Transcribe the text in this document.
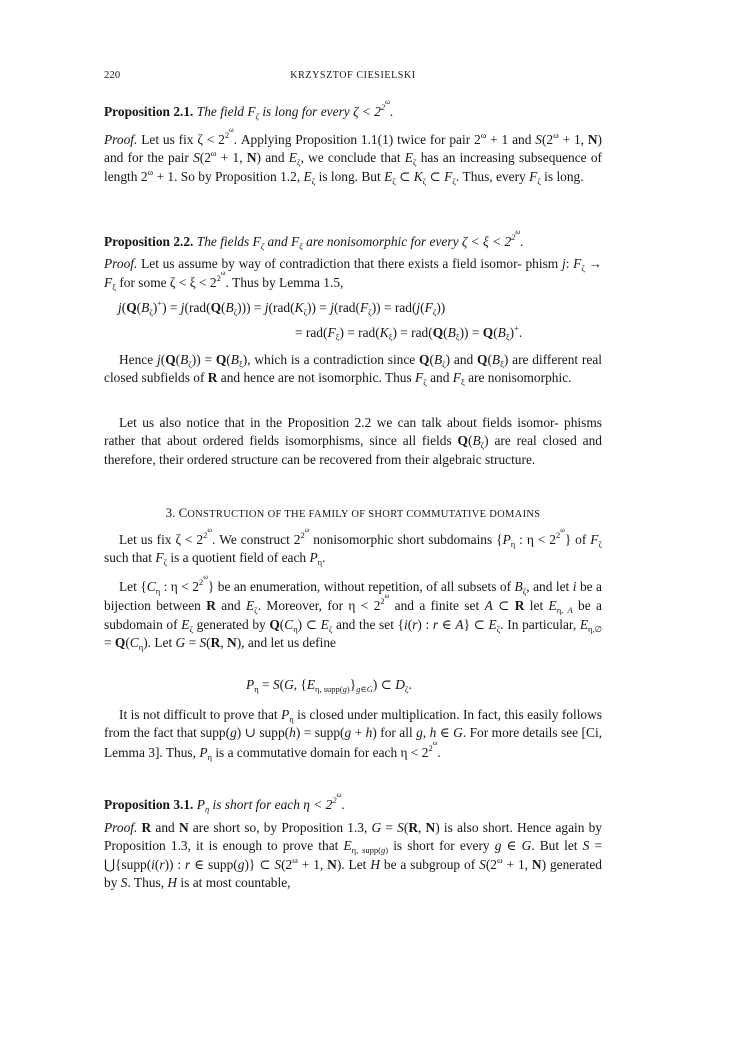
220	KRZYSZTOF CIESIELSKI

Proposition 2.1. The field $F_\zeta$ is long for every $\zeta < 2^{2^\omega}$.

Proof. Let us fix $\zeta < 2^{2^\omega}$. Applying Proposition 1.1(1) twice for pair $2^\omega + 1$ and $S(2^\omega + 1$, N) and for the pair $S(2^\omega + 1$, N) and $E_\zeta$, we conclude that $E_\zeta$ has an increasing subsequence of length $2^\omega + 1$. So by Proposition 1.2, $E_\zeta$ is long. But $E_\zeta$ ⊂ $K_\zeta$ ⊂ $F_\zeta$. Thus, every $F_\zeta$ is long.

Proposition 2.2. The fields $F_\zeta$ and $F_\xi$ are nonisomorphic for every $\zeta < \xi < 2^{2^\omega}$.

Proof. Let us assume by way of contradiction that there exists a field isomor- phism j: $F_\zeta \to F_\xi$ for some $\zeta < \xi < 2^{2^\omega}$. Thus by Lemma 1.5,

$j(Q(B_\zeta)^+) = j(rad(Q(B_\zeta))) = j(rad(K_\zeta)) = j(rad(F_\zeta)) = rad(j(F_\zeta))$
= $rad(F_\xi) = rad(K_\xi) = rad(Q(B_\xi)) = Q(B_\xi)^+$.

Hence $j(Q(B_\zeta)) = Q(B_\xi)$, which is a contradiction since $Q(B_\zeta)$ and $Q(B_\xi)$ are different real closed subfields of R and hence are not isomorphic. Thus $F_\zeta$ and $F_\xi$ are nonisomorphic.

Let us also notice that in the Proposition 2.2 we can talk about fields isomor- phisms rather that about ordered fields isomorphisms, since all fields $Q(B_\zeta)$ are real closed and therefore, their ordered structure can be recovered from their algebraic structure.

3. CONSTRUCTION OF THE FAMILY OF SHORT COMMUTATIVE DOMAINS

Let us fix $\zeta < 2^{2^\omega}$. We construct $2^{2^\omega}$ nonisomorphic short subdomains {$P_\eta$ : $\eta < 2^{2^\omega}$} of $F_\zeta$ such that $F_\zeta$ is a quotient field of each $P_\eta$.

Let {$C_\eta$ : $\eta < 2^{2^\omega}$} be an enumeration, without repetition, of all subsets of $B_\zeta$, and let i be a bijection between R and $E_\zeta$. Moreover, for $\eta < 2^{2^\omega}$ and a finite set A ⊂ R let $E_{\eta, A}$ be a subdomain of $E_\zeta$ generated by $Q(C_\eta)$ ⊂ $E_\zeta$ and the set {i(r) : r ∈ A} ⊂ $E_\zeta$. In particular, $E_{\eta,\emptyset} = Q(C_\eta)$. Let G = S(R, N), and let us define

$P_\eta = S(G$, $\{E_{\eta, supp(g)}\}_{g\in G}$) ⊂ $D_\zeta$.

It is not difficult to prove that $P_\eta$ is closed under multiplication. In fact, this easily follows from the fact that supp(g) ∪ supp(h) = supp(g + h) for all g, h ∈ G. For more details see [Ci, Lemma 3]. Thus, $P_\eta$ is a commutative domain for each $\eta < 2^{2^\omega}$.

Proposition 3.1. $P_\eta$ is short for each $\eta < 2^{2^\omega}$.

Proof. R and N are short so, by Proposition 1.3, G = S(R, N) is also short. Hence again by Proposition 1.3, it is enough to prove that $E_{\eta, supp(g)}$ is short for every g ∈ G. But let S = ⋃{supp(i(r)) : r ∈ supp(g)} ⊂ $S(2^\omega + 1$, N). Let H be a subgroup of $S(2^\omega + 1$, N) generated by S. Thus, H is at most countable,
